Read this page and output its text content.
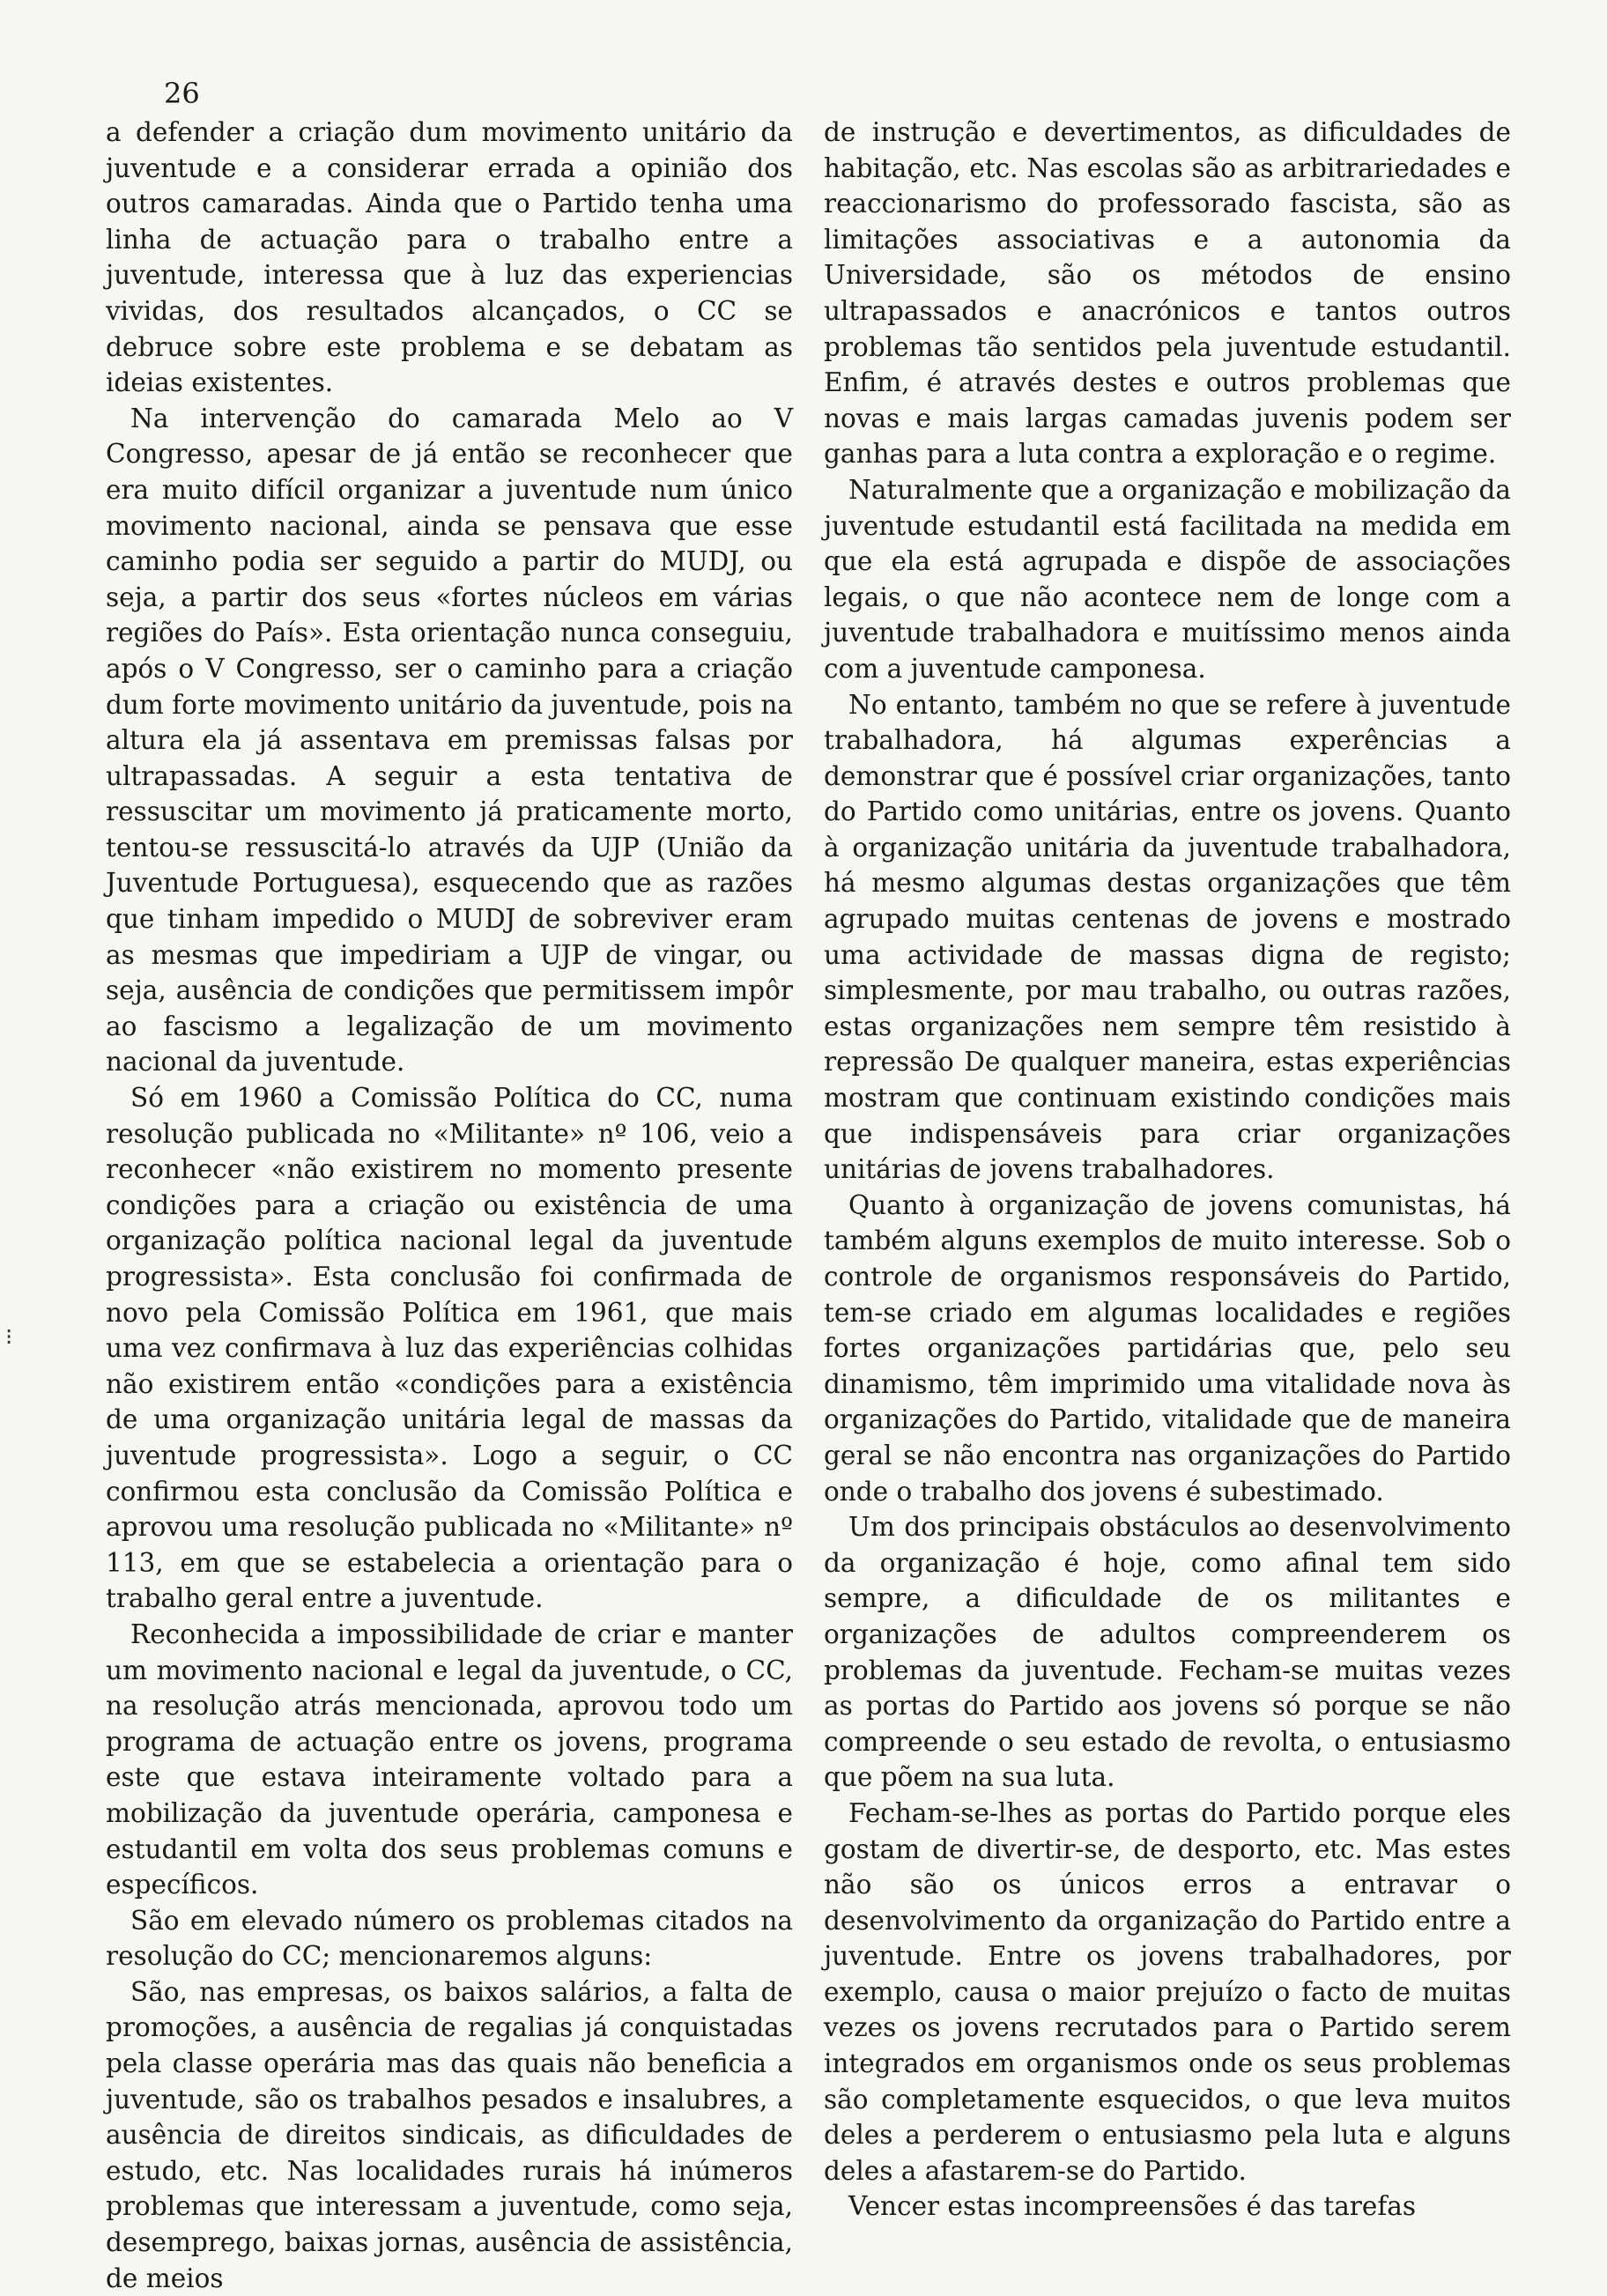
26
⁝

a defender a criação dum movimento unitário da juventude e a considerar errada a opinião dos outros camaradas. Ainda que o Partido tenha uma linha de actuação para o trabalho entre a juventude, interessa que à luz das experiencias vividas, dos resultados alcançados, o CC se debruce sobre este problema e se debatam as ideias existentes.

Na intervenção do camarada Melo ao V Congresso, apesar de já então se reconhecer que era muito difícil organizar a juventude num único movimento nacional, ainda se pensava que esse caminho podia ser seguido a partir do MUDJ, ou seja, a partir dos seus «fortes núcleos em várias regiões do País». Esta orientação nunca conseguiu, após o V Congresso, ser o caminho para a criação dum forte movimento unitário da juventude, pois na altura ela já assentava em premissas falsas por ultrapassadas. A seguir a esta tentativa de ressuscitar um movimento já praticamente morto, tentou-se ressuscitá-lo através da UJP (União da Juventude Portuguesa), esquecendo que as razões que tinham impedido o MUDJ de sobreviver eram as mesmas que impediriam a UJP de vingar, ou seja, ausência de condições que permitissem impôr ao fascismo a legalização de um movimento nacional da juventude.

Só em 1960 a Comissão Política do CC, numa resolução publicada no «Militante» nº 106, veio a reconhecer «não existirem no momento presente condições para a criação ou existência de uma organização política nacional legal da juventude progressista». Esta conclusão foi confirmada de novo pela Comissão Política em 1961, que mais uma vez confirmava à luz das experiências colhidas não existirem então «condições para a existência de uma organização unitária legal de massas da juventude progressista». Logo a seguir, o CC confirmou esta conclusão da Comissão Política e aprovou uma resolução publicada no «Militante» nº 113, em que se estabelecia a orientação para o trabalho geral entre a juventude.

Reconhecida a impossibilidade de criar e manter um movimento nacional e legal da juventude, o CC, na resolução atrás mencionada, aprovou todo um programa de actuação entre os jovens, programa este que estava inteiramente voltado para a mobilização da juventude operária, camponesa e estudantil em volta dos seus problemas comuns e específicos.

São em elevado número os problemas citados na resolução do CC; mencionaremos alguns:

São, nas empresas, os baixos salários, a falta de promoções, a ausência de regalias já conquistadas pela classe operária mas das quais não beneficia a juventude, são os trabalhos pesados e insalubres, a ausência de direitos sindicais, as dificuldades de estudo, etc. Nas localidades rurais há inúmeros problemas que interessam a juventude, como seja, desemprego, baixas jornas, ausência de assistência, de meios

de instrução e devertimentos, as dificuldades de habitação, etc. Nas escolas são as arbitrariedades e reaccionarismo do professorado fascista, são as limitações associativas e a autonomia da Universidade, são os métodos de ensino ultrapassados e anacrónicos e tantos outros problemas tão sentidos pela juventude estudantil. Enfim, é através destes e outros problemas que novas e mais largas camadas juvenis podem ser ganhas para a luta contra a exploração e o regime.

Naturalmente que a organização e mobilização da juventude estudantil está facilitada na medida em que ela está agrupada e dispõe de associações legais, o que não acontece nem de longe com a juventude trabalhadora e muitíssimo menos ainda com a juventude camponesa.

No entanto, também no que se refere à juventude trabalhadora, há algumas experências a demonstrar que é possível criar organizações, tanto do Partido como unitárias, entre os jovens. Quanto à organização unitária da juventude trabalhadora, há mesmo algumas destas organizações que têm agrupado muitas centenas de jovens e mostrado uma actividade de massas digna de registo; simplesmente, por mau trabalho, ou outras razões, estas organizações nem sempre têm resistido à repressão De qualquer maneira, estas experiências mostram que continuam existindo condições mais que indispensáveis para criar organizações unitárias de jovens trabalhadores.

Quanto à organização de jovens comunistas, há também alguns exemplos de muito interesse. Sob o controle de organismos responsáveis do Partido, tem-se criado em algumas localidades e regiões fortes organizações partidárias que, pelo seu dinamismo, têm imprimido uma vitalidade nova às organizações do Partido, vitalidade que de maneira geral se não encontra nas organizações do Partido onde o trabalho dos jovens é subestimado.

Um dos principais obstáculos ao desenvolvimento da organização é hoje, como afinal tem sido sempre, a dificuldade de os militantes e organizações de adultos compreenderem os problemas da juventude. Fecham-se muitas vezes as portas do Partido aos jovens só porque se não compreende o seu estado de revolta, o entusiasmo que põem na sua luta.

Fecham-se-lhes as portas do Partido porque eles gostam de divertir-se, de desporto, etc. Mas estes não são os únicos erros a entravar o desenvolvimento da organização do Partido entre a juventude. Entre os jovens trabalhadores, por exemplo, causa o maior prejuízo o facto de muitas vezes os jovens recrutados para o Partido serem integrados em organismos onde os seus problemas são completamente esquecidos, o que leva muitos deles a perderem o entusiasmo pela luta e alguns deles a afastarem-se do Partido.

Vencer estas incompreensões é das tarefas
